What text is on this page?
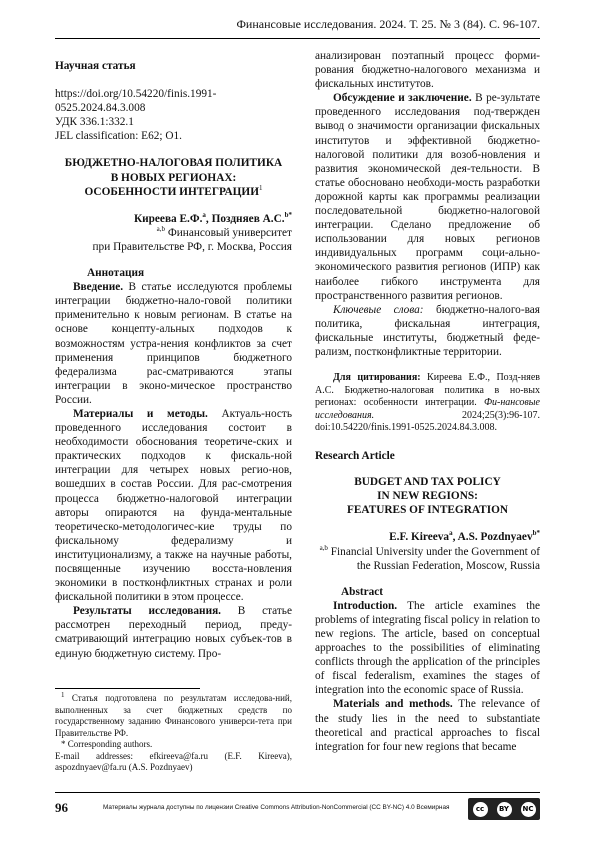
Финансовые исследования. 2024. Т. 25. № 3 (84). С. 96-107.

Научная статья

https://doi.org/10.54220/finis.1991-0525.2024.84.3.008

УДК 336.1:332.1

JEL classification: E62; O1.

БЮДЖЕТНО-НАЛОГОВАЯ ПОЛИТИКА

В НОВЫХ РЕГИОНАХ:

ОСОБЕННОСТИ ИНТЕГРАЦИИ$^1$

Киреева Е.Ф.$^a$, Поздняев А.С.$^{b*}$

$^{a,b}$ Финансовый университет

при Правительстве РФ, г. Москва, Россия

Аннотация

Введение. В статье исследуются проблемы интеграции бюджетно-нало-говой политики применительно к новым регионам. В статье на основе концепту-альных подходов к возможностям устра-нения конфликтов за счет применения принципов бюджетного федерализма рас-сматриваются этапы интеграции в эконо-мическое пространство России.

Материалы и методы. Актуаль-ность проведенного исследования состоит в необходимости обоснования теоретиче-ских и практических подходов к фискаль-ной интеграции для четырех новых регио-нов, вошедших в состав России. Для рас-смотрения процесса бюджетно-налоговой интеграции авторы опираются на фунда-ментальные теоретическо-методологичес-кие труды по фискальному федерализму и институционализму, а также на научные работы, посвященные изучению восста-новления экономики в постконфликтных странах и роли фискальной политики в этом процессе.

Результаты исследования. В статье рассмотрен переходный период, преду-сматривающий интеграцию новых субъек-тов в единую бюджетную систему. Про-

$^1$ Статья подготовлена по результатам исследова-ний, выполненных за счет бюджетных средств по государственному заданию Финансового универси-тета при Правительстве РФ.

* Corresponding authors.

E-mail addresses: efkireeva@fa.ru (E.F. Kireeva), aspozdnyaev@fa.ru (A.S. Pozdnyaev)

анализирован поэтапный процесс форми-рования бюджетно-налогового механизма и фискальных институтов.

Обсуждение и заключение. В ре-зультате проведенного исследования под-твержден вывод о значимости организации фискальных институтов и эффективной бюджетно-налоговой политики для возоб-новления и развития экономической дея-тельности. В статье обосновано необходи-мость разработки дорожной карты как программы реализации последовательной бюджетно-налоговой интеграции. Сделано предложение об использовании для новых регионов индивидуальных программ соци-ально-экономического развития регионов (ИПР) как наиболее гибкого инструмента для пространственного развития регионов.

Ключевые слова: бюджетно-налого-вая политика, фискальная интеграция, фискальные институты, бюджетный феде-рализм, постконфликтные территории.

Для цитирования: Киреева Е.Ф., Позд-няев А.С. Бюджетно-налоговая политика в но-вых регионах: особенности интеграции. Фи-нансовые исследования. 2024;25(3):96-107. doi:10.54220/finis.1991-0525.2024.84.3.008.

Research Article

BUDGET AND TAX POLICY

IN NEW REGIONS:

FEATURES OF INTEGRATION

E.F. Kireeva$^a$, A.S. Pozdnyaev$^{b*}$

$^{a,b}$ Financial University under the Government of the Russian Federation, Moscow, Russia

Abstract

Introduction. The article examines the problems of integrating fiscal policy in relation to new regions. The article, based on conceptual approaches to the possibilities of eliminating conflicts through the application of the principles of fiscal federalism, examines the stages of integration into the economic space of Russia.

Materials and methods. The relevance of the study lies in the need to substantiate theoretical and practical approaches to fiscal integration for four new regions that became

96	Материалы журнала доступны по лицензии Creative Commons Attribution-NonCommercial (CC BY-NC) 4.0 Всемирная	cc	BY	NC
